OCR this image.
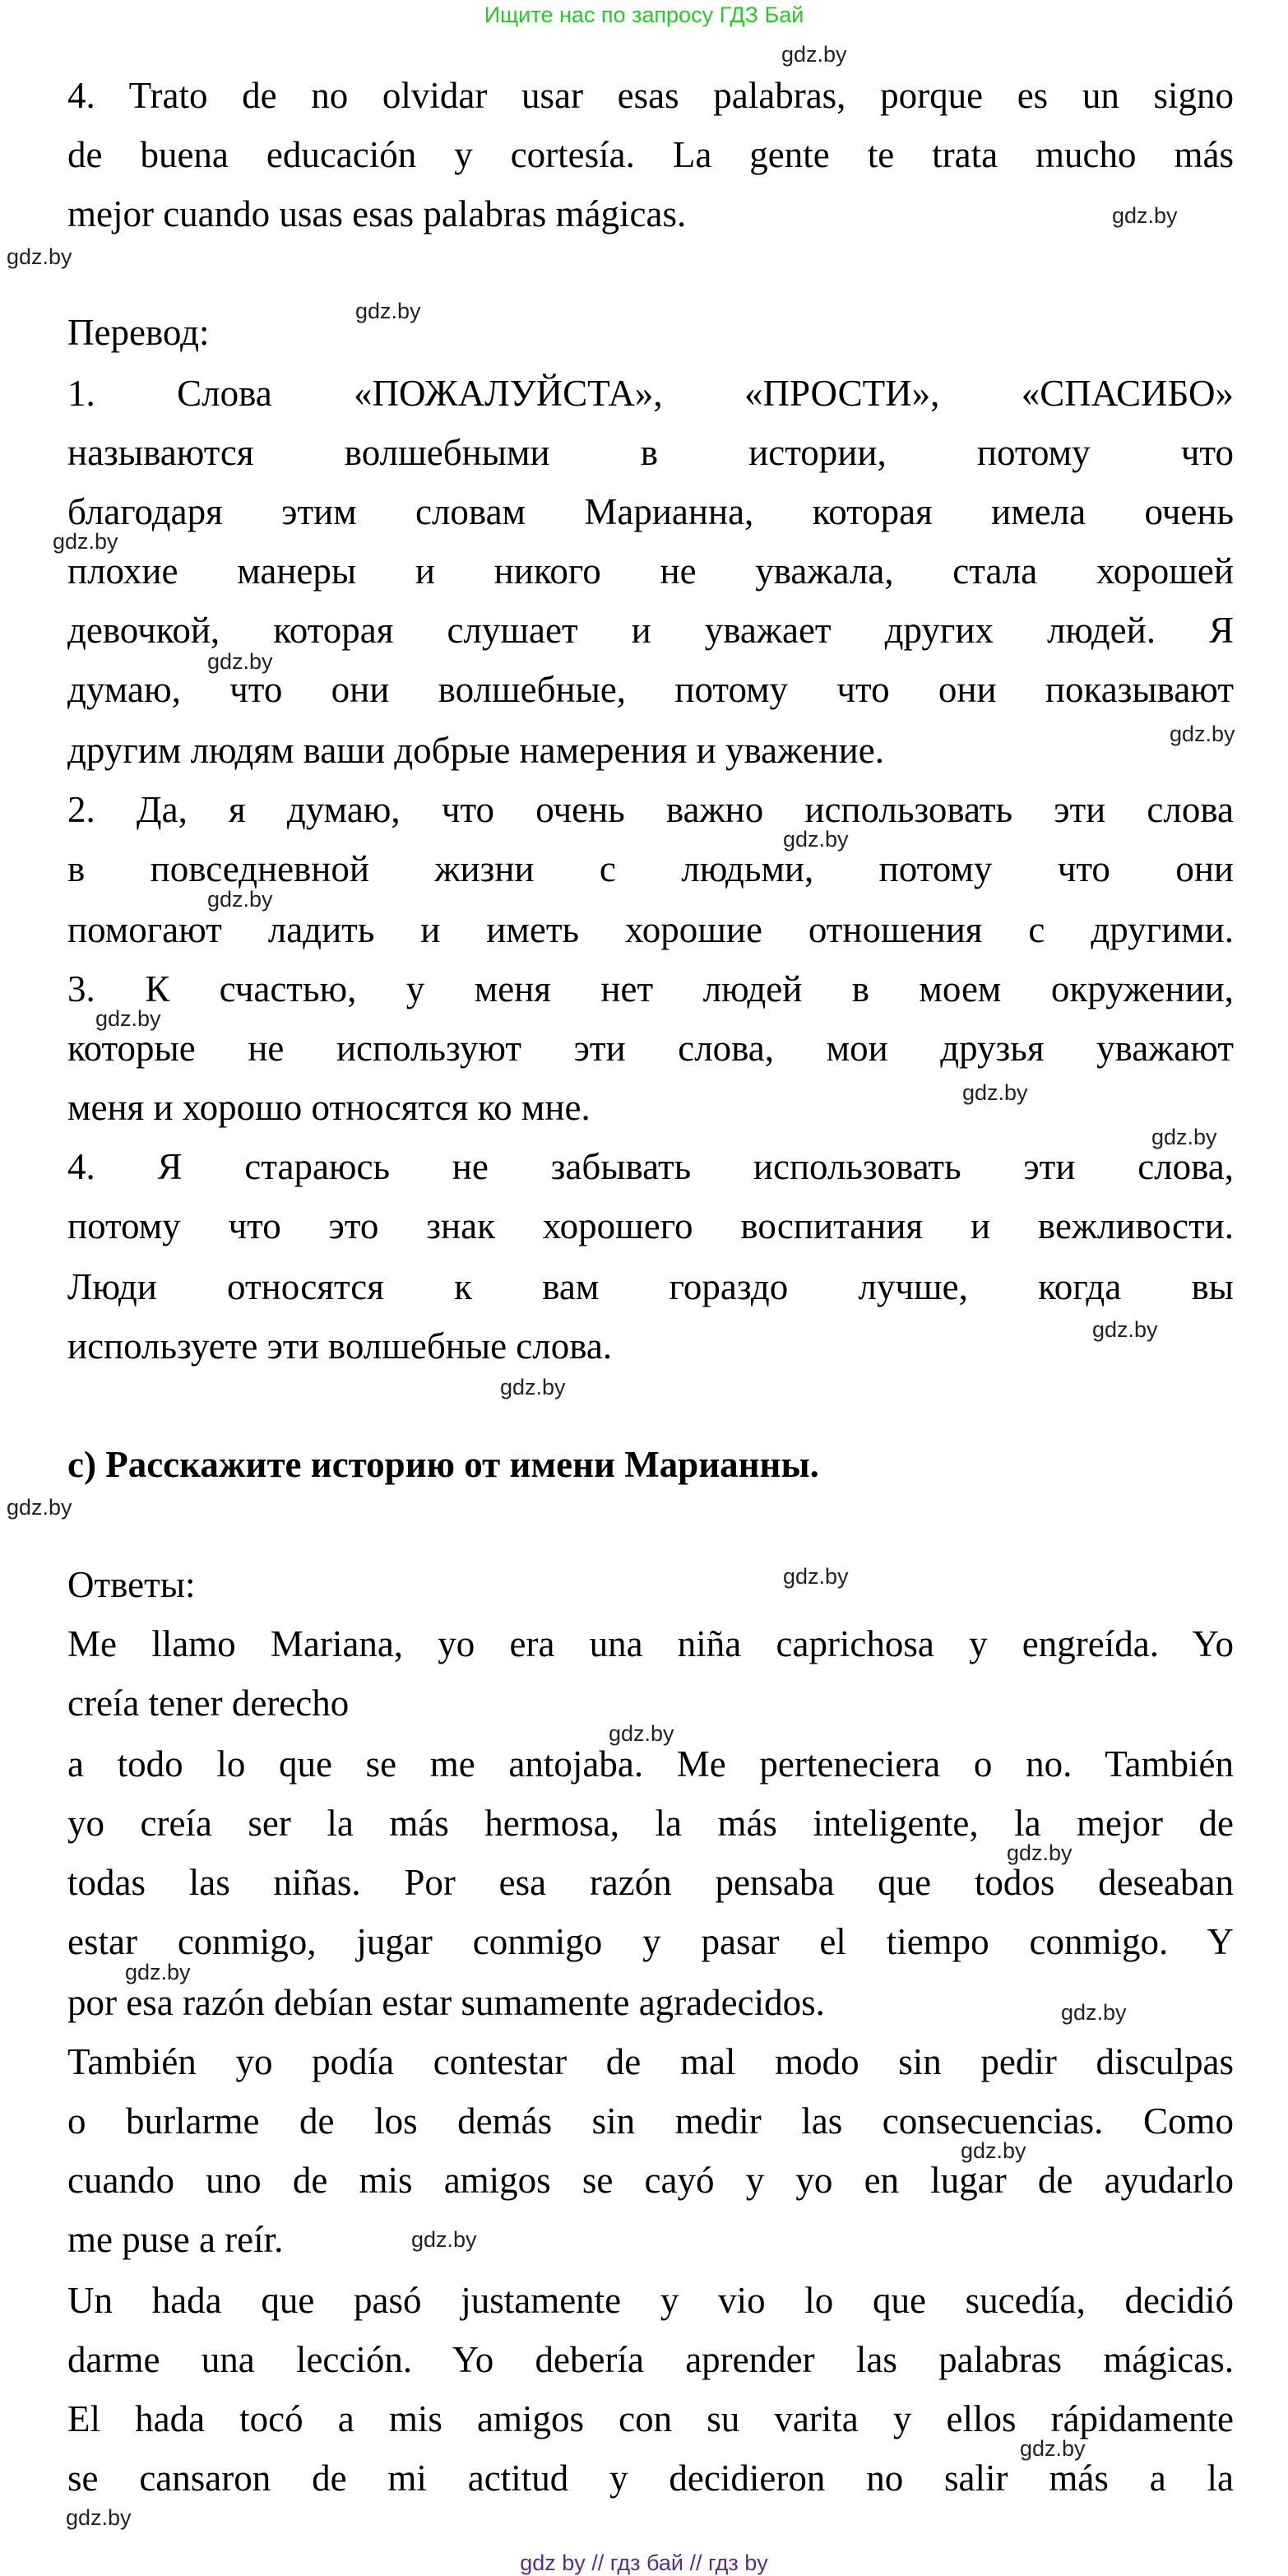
Ищите нас по запросу ГДЗ Бай
4. Trato de no olvidar usar esas palabras, porque es un signo
de buena educación y cortesía. La gente te trata mucho más
mejor cuando usas esas palabras mágicas.
Перевод:
1. Слова «ПОЖАЛУЙСТА», «ПРОСТИ», «СПАСИБО»
называются волшебными в истории, потому что
благодаря этим словам Марианна, которая имела очень
плохие манеры и никого не уважала, стала хорошей
девочкой, которая слушает и уважает других людей. Я
думаю, что они волшебные, потому что они показывают
другим людям ваши добрые намерения и уважение.
2. Да, я думаю, что очень важно использовать эти слова
в повседневной жизни с людьми, потому что они
помогают ладить и иметь хорошие отношения с другими.
3. К счастью, у меня нет людей в моем окружении,
которые не используют эти слова, мои друзья уважают
меня и хорошо относятся ко мне.
4. Я стараюсь не забывать использовать эти слова,
потому что это знак хорошего воспитания и вежливости.
Люди относятся к вам гораздо лучше, когда вы
используете эти волшебные слова.
c) Расскажите историю от имени Марианны.
Ответы:
Me llamo Mariana, yo era una niña caprichosa y engreída. Yo
creía tener derecho
a todo lo que se me antojaba. Me perteneciera o no. También
yo creía ser la más hermosa, la más inteligente, la mejor de
todas las niñas. Por esa razón pensaba que todos deseaban
estar conmigo, jugar conmigo y pasar el tiempo conmigo. Y
por esa razón debían estar sumamente agradecidos.
También yo podía contestar de mal modo sin pedir disculpas
o burlarme de los demás sin medir las consecuencias. Como
cuando uno de mis amigos se cayó y yo en lugar de ayudarlo
me puse a reír.
Un hada que pasó justamente y vio lo que sucedía, decidió
darme una lección. Yo debería aprender las palabras mágicas.
El hada tocó a mis amigos con su varita y ellos rápidamente
se cansaron de mi actitud y decidieron no salir más a la
gdz.by
gdz.by
gdz.by
gdz.by
gdz.by
gdz.by
gdz.by
gdz.by
gdz.by
gdz.by
gdz.by
gdz.by
gdz.by
gdz.by
gdz.by
gdz.by
gdz.by
gdz.by
gdz.by
gdz.by
gdz.by
gdz.by
gdz.by
gdz.by
gdz by // гдз бай // гдз by
